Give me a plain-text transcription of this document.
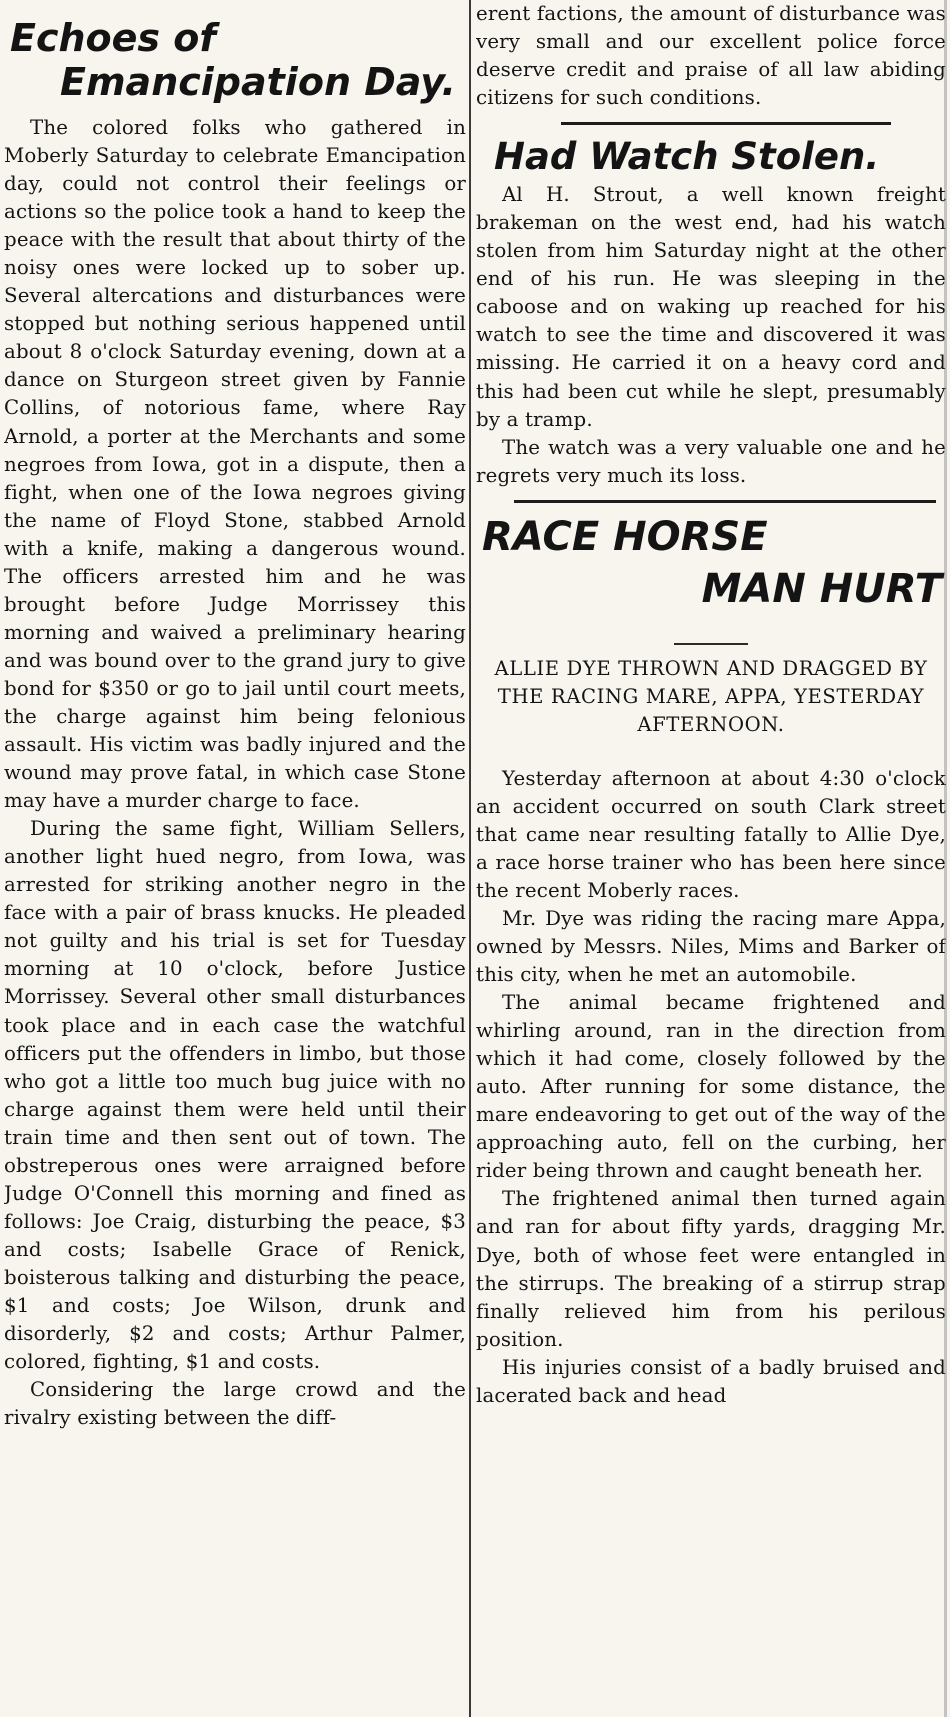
Echoes of
Emancipation Day.

The colored folks who gathered in Moberly Saturday to celebrate Emancipation day, could not control their feelings or actions so the police took a hand to keep the peace with the result that about thirty of the noisy ones were locked up to sober up. Several altercations and disturbances were stopped but nothing serious happened until about 8 o'clock Saturday evening, down at a dance on Sturgeon street given by Fannie Collins, of notorious fame, where Ray Arnold, a porter at the Merchants and some negroes from Iowa, got in a dispute, then a fight, when one of the Iowa negroes giving the name of Floyd Stone, stabbed Arnold with a knife, making a dangerous wound. The officers arrested him and he was brought before Judge Morrissey this morning and waived a preliminary hearing and was bound over to the grand jury to give bond for $350 or go to jail until court meets, the charge against him being felonious assault. His victim was badly injured and the wound may prove fatal, in which case Stone may have a murder charge to face.

During the same fight, William Sellers, another light hued negro, from Iowa, was arrested for striking another negro in the face with a pair of brass knucks. He pleaded not guilty and his trial is set for Tuesday morning at 10 o'clock, before Justice Morrissey. Several other small disturbances took place and in each case the watchful officers put the offenders in limbo, but those who got a little too much bug juice with no charge against them were held until their train time and then sent out of town. The obstreperous ones were arraigned before Judge O'Connell this morning and fined as follows: Joe Craig, disturbing the peace, $3 and costs; Isabelle Grace of Renick, boisterous talking and disturbing the peace, $1 and costs; Joe Wilson, drunk and disorderly, $2 and costs; Arthur Palmer, colored, fighting, $1 and costs.

Considering the large crowd and the rivalry existing between the diff-

erent factions, the amount of disturbance was very small and our excellent police force deserve credit and praise of all law abiding citizens for such conditions.

Had Watch Stolen.

Al H. Strout, a well known freight brakeman on the west end, had his watch stolen from him Saturday night at the other end of his run. He was sleeping in the caboose and on waking up reached for his watch to see the time and discovered it was missing. He carried it on a heavy cord and this had been cut while he slept, presumably by a tramp.

The watch was a very valuable one and he regrets very much its loss.

RACE HORSE
MAN HURT

ALLIE DYE THROWN AND DRAGGED BY THE RACING MARE, APPA, YESTERDAY AFTERNOON.

Yesterday afternoon at about 4:30 o'clock an accident occurred on south Clark street that came near resulting fatally to Allie Dye, a race horse trainer who has been here since the recent Moberly races.

Mr. Dye was riding the racing mare Appa, owned by Messrs. Niles, Mims and Barker of this city, when he met an automobile.

The animal became frightened and whirling around, ran in the direction from which it had come, closely followed by the auto. After running for some distance, the mare endeavoring to get out of the way of the approaching auto, fell on the curbing, her rider being thrown and caught beneath her.

The frightened animal then turned again and ran for about fifty yards, dragging Mr. Dye, both of whose feet were entangled in the stirrups. The breaking of a stirrup strap finally relieved him from his perilous position.

His injuries consist of a badly bruised and lacerated back and head
